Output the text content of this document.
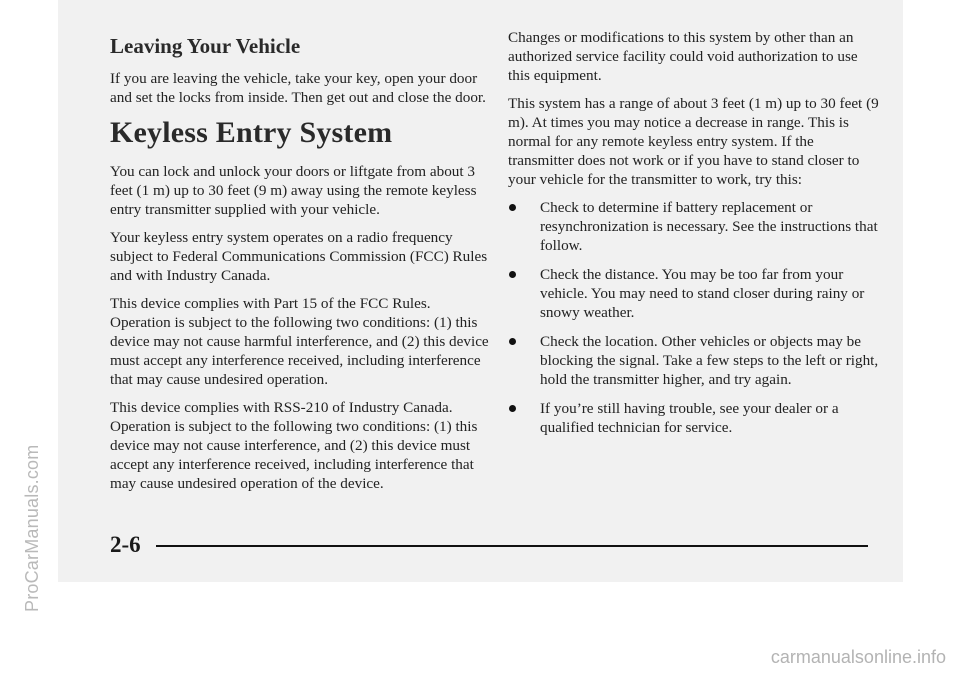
Leaving Your Vehicle

If you are leaving the vehicle, take your key, open your door and set the locks from inside. Then get out and close the door.

Keyless Entry System

You can lock and unlock your doors or liftgate from about 3 feet (1 m) up to 30 feet (9 m) away using the remote keyless entry transmitter supplied with your vehicle.

Your keyless entry system operates on a radio frequency subject to Federal Communications Commission (FCC) Rules and with Industry Canada.

This device complies with Part 15 of the FCC Rules. Operation is subject to the following two conditions: (1) this device may not cause harmful interference, and (2) this device must accept any interference received, including interference that may cause undesired operation.

This device complies with RSS-210 of Industry Canada. Operation is subject to the following two conditions: (1) this device may not cause interference, and (2) this device must accept any interference received, including interference that may cause undesired operation of the device.

Changes or modifications to this system by other than an authorized service facility could void authorization to use this equipment.

This system has a range of about 3 feet (1 m) up to 30 feet (9 m). At times you may notice a decrease in range. This is normal for any remote keyless entry system. If the transmitter does not work or if you have to stand closer to your vehicle for the transmitter to work, try this:

Check to determine if battery replacement or resynchronization is necessary. See the instructions that follow.
Check the distance. You may be too far from your vehicle. You may need to stand closer during rainy or snowy weather.
Check the location. Other vehicles or objects may be blocking the signal. Take a few steps to the left or right, hold the transmitter higher, and try again.
If you’re still having trouble, see your dealer or a qualified technician for service.
2-6
ProCarManuals.com
carmanualsonline.info
